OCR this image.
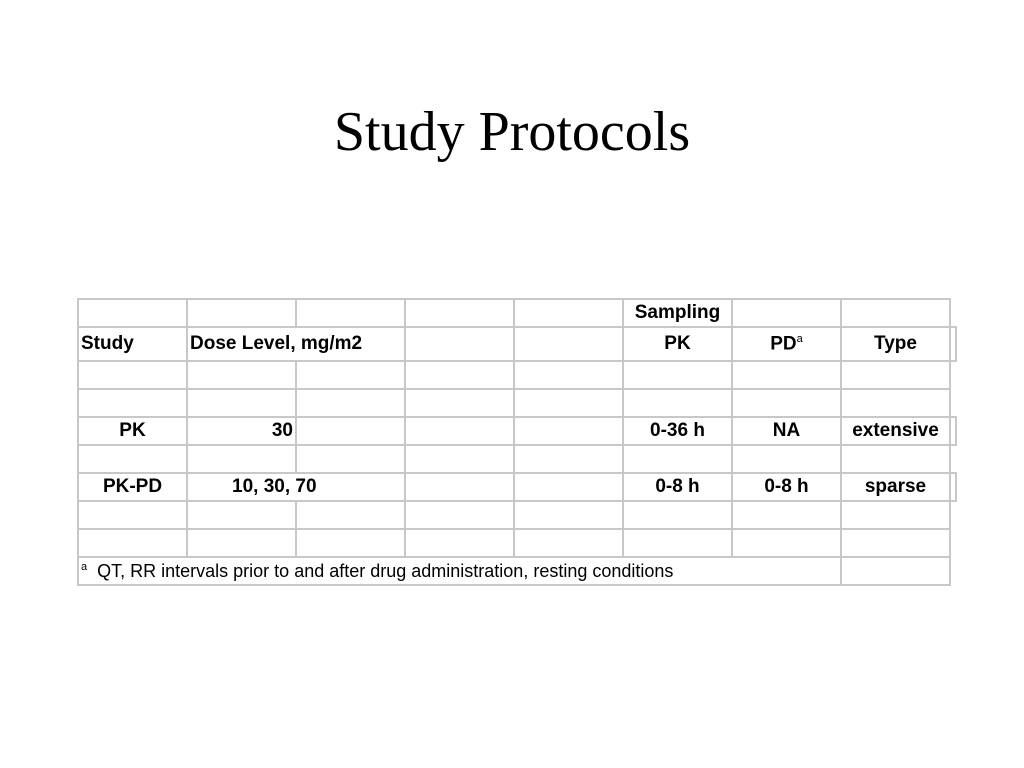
Study Protocols
					Sampling			
Study	Dose Level, mg/m2				PK	$PD^a$	Type	

PK	30				0-36 h	NA	extensive	

PK-PD	10, 30, 70				0-8 h	0-8 h	sparse	

$^a$ QT, RR intervals prior to and after drug administration, resting conditions								
